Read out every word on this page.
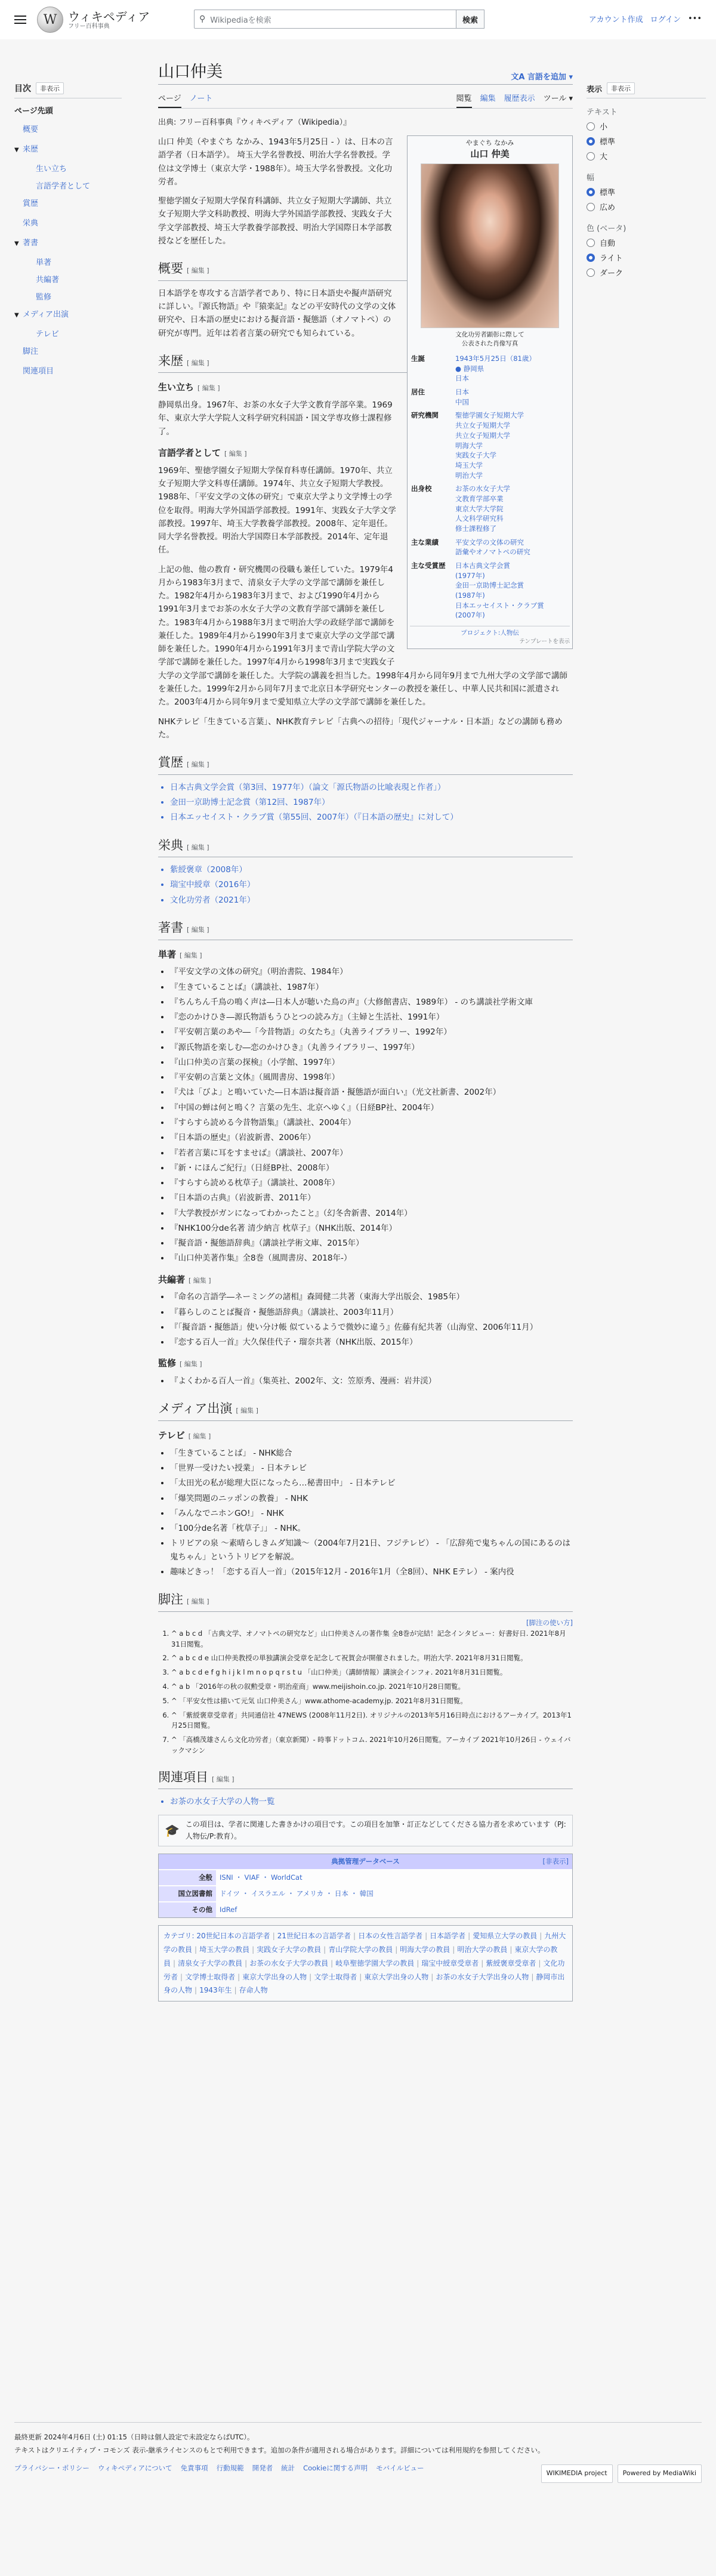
W ウィキペディア
フリー百科事典
⚲ Wikipediaを検索	検索	アカウント作成 ログイン •••
目次	非表示
ページ先頭
概要
▼ 来歴
生い立ち
言語学者として
賞歴
栄典
▼ 著書
単著
共編著
監修
▼ メディア出演
テレビ
脚注
関連項目
表示	非表示
テキスト
小
標準
大
幅
標準
広め
色 (ベータ)
自動
ライト
ダーク
山口仲美	文A 言語を追加 ▾
ページ ノート	閲覧 編集 履歴表示 ツール ▾
出典: フリー百科事典『ウィキペディア（Wikipedia）』
やまぐち なかみ
山口 仲美
文化功労者顕彰に際して
公表された肖像写真
生誕	1943年5月25日（81歳）
● 静岡県
日本
居住	日本
中国
研究機関	聖徳学園女子短期大学
共立女子短期大学
共立女子短期大学
明海大学
実践女子大学
埼玉大学
明治大学
出身校	お茶の水女子大学
文教育学部卒業
東京大学大学院
人文科学研究科
修士課程修了
主な業績	平安文学の文体の研究
語彙やオノマトペの研究
主な受賞歴	日本古典文学会賞
(1977年)
金田一京助博士記念賞
(1987年)
日本エッセイスト・クラブ賞
(2007年)
プロジェクト:人物伝
テンプレートを表示

山口 仲美（やまぐち なかみ、1943年5月25日 - ）は、日本の言語学者（日本語学）。 埼玉大学名誉教授、明治大学名誉教授。学位は文学博士（東京大学・1988年）。埼玉大学名誉教授。文化功労者。

聖徳学園女子短期大学保育科講師、共立女子短期大学講師、共立女子短期大学文科助教授、明海大学外国語学部教授、実践女子大学文学部教授、埼玉大学教養学部教授、明治大学国際日本学部教授などを歴任した。

概要 [ 編集 ]

日本語学を専攻する言語学者であり、特に日本語史や擬声語研究に詳しい。『源氏物語』や『猿楽記』などの平安時代の文学の文体研究や、日本語の歴史における擬音語・擬態語（オノマトペ）の研究が専門。近年は若者言葉の研究でも知られている。

来歴 [ 編集 ]
生い立ち [ 編集 ]

静岡県出身。1967年、お茶の水女子大学文教育学部卒業。1969年、東京大学大学院人文科学研究科国語・国文学専攻修士課程修了。

言語学者として [ 編集 ]

1969年、聖徳学園女子短期大学保育科専任講師。1970年、共立女子短期大学文科専任講師。1974年、共立女子短期大学教授。1988年、「平安文学の文体の研究」で東京大学より文学博士の学位を取得。明海大学外国語学部教授。1991年、実践女子大学文学部教授。1997年、埼玉大学教養学部教授。2008年、定年退任。同大学名誉教授。明治大学国際日本学部教授。2014年、定年退任。

上記の他、他の教育・研究機関の役職も兼任していた。1979年4月から1983年3月まで、清泉女子大学の文学部で講師を兼任した。1982年4月から1983年3月まで、および1990年4月から1991年3月までお茶の水女子大学の文教育学部で講師を兼任した。1983年4月から1988年3月まで明治大学の政経学部で講師を兼任した。1989年4月から1990年3月まで東京大学の文学部で講師を兼任した。1990年4月から1991年3月まで青山学院大学の文学部で講師を兼任した。1997年4月から1998年3月まで実践女子大学の文学部で講師を兼任した。大学院の講義を担当した。1998年4月から同年9月まで九州大学の文学部で講師を兼任した。1999年2月から同年7月まで北京日本学研究センターの教授を兼任し、中華人民共和国に派遣された。2003年4月から同年9月まで愛知県立大学の文学部で講師を兼任した。

NHKテレビ「生きている言葉」、NHK教育テレビ「古典への招待」「現代ジャーナル・日本語」などの講師も務めた。

賞歴 [ 編集 ]
• 日本古典文学会賞（第3回、1977年）（論文「源氏物語の比喩表現と作者」）
• 金田一京助博士記念賞（第12回、1987年）
• 日本エッセイスト・クラブ賞（第55回、2007年）（『日本語の歴史』に対して）
栄典 [ 編集 ]
• 紫綬褒章（2008年）
• 瑞宝中綬章（2016年）
• 文化功労者（2021年）
著書 [ 編集 ]
単著 [ 編集 ]
• 『平安文学の文体の研究』（明治書院、1984年）
• 『生きていることば』（講談社、1987年）
• 『ちんちん千鳥の鳴く声は―日本人が聴いた鳥の声』（大修館書店、1989年） - のち講談社学術文庫
• 『恋のかけひき―源氏物語もうひとつの読み方』（主婦と生活社、1991年）
• 『平安朝言葉のあや―「今昔物語」の女たち』（丸善ライブラリー、1992年）
• 『源氏物語を楽しむ―恋のかけひき』（丸善ライブラリー、1997年）
• 『山口仲美の言葉の探検』（小学館、1997年）
• 『平安朝の言葉と文体』（風間書房、1998年）
• 『犬は「びよ」と鳴いていた―日本語は擬音語・擬態語が面白い』（光文社新書、2002年）
• 『中国の蝉は何と鳴く？言葉の先生、北京へゆく』（日経BP社、2004年）
• 『すらすら読める今昔物語集』（講談社、2004年）
• 『日本語の歴史』（岩波新書、2006年）
• 『若者言葉に耳をすませば』（講談社、2007年）
• 『新・にほんご紀行』（日経BP社、2008年）
• 『すらすら読める枕草子』（講談社、2008年）
• 『日本語の古典』（岩波新書、2011年）
• 『大学教授がガンになってわかったこと』（幻冬舎新書、2014年）
• 『NHK100分de名著 清少納言 枕草子』（NHK出版、2014年）
• 『擬音語・擬態語辞典』（講談社学術文庫、2015年）
• 『山口仲美著作集』全8巻（風間書房、2018年-）
共編著 [ 編集 ]
• 『命名の言語学―ネーミングの諸相』森岡健二共著（東海大学出版会、1985年）
• 『暮らしのことば擬音・擬態語辞典』（講談社、2003年11月）
• 『「擬音語・擬態語」使い分け帳 似ているようで微妙に違う』佐藤有紀共著（山海堂、2006年11月）
• 『恋する百人一首』大久保佳代子・瑠奈共著（NHK出版、2015年）
監修 [ 編集 ]
• 『よくわかる百人一首』（集英社、2002年、文：笠原秀、漫画：岩井渓）
メディア出演 [ 編集 ]
テレビ [ 編集 ]
• 「生きていることば」 - NHK総合
• 「世界一受けたい授業」 - 日本テレビ
• 「太田光の私が総理大臣になったら…秘書田中」 - 日本テレビ
• 「爆笑問題のニッポンの教養」 - NHK
• 「みんなでニホンGO!」 - NHK
• 「100分de名著「枕草子」」 - NHK。
• トリビアの泉 〜素晴らしきムダ知識〜（2004年7月21日、フジテレビ） - 「広辞苑で鬼ちゃんの国にあるのは鬼ちゃん」というトリビアを解説。
• 趣味どきっ！「恋する百人一首」（2015年12月 - 2016年1月（全8回）、NHK Eテレ） - 案内役
脚注 [ 編集 ]
[脚注の使い方]
1. ^ a b c d 「古典文学、オノマトペの研究など」山口仲美さんの著作集 全8巻が完結！記念インタビュー：好書好日. 2021年8月31日閲覧。
2. ^ a b c d e 山口仲美教授の単独講演会受章を記念して祝賀会が開催されました。明治大学. 2021年8月31日閲覧。
3. ^ a b c d e f g h i j k l m n o p q r s t u 「山口仲美」（講師情報）講演会インフォ. 2021年8月31日閲覧。
4. ^ a b 「2016年の秋の叙勲受章・明治産商」www.meijishoin.co.jp. 2021年10月28日閲覧。
5. ^ 「平安女性は描いて元気 山口仲美さん」www.athome-academy.jp. 2021年8月31日閲覧。
6. ^ 「紫綬褒章受章者」共同通信社 47NEWS (2008年11月2日). オリジナルの2013年5月16日時点におけるアーカイブ。2013年1月25日閲覧。
7. ^ 「高橋茂雄さんら文化功労者」（東京新聞）- 時事ドットコム. 2021年10月26日閲覧。アーカイブ 2021年10月26日 - ウェイバックマシン
関連項目 [ 編集 ]
• お茶の水女子大学の人物一覧
🎓 この項目は、学者に関連した書きかけの項目です。この項目を加筆・訂正などしてくださる協力者を求めています（PJ:人物伝/P:教育）。
典拠管理データベース	[非表示]
全般	ISNI ・ VIAF ・ WorldCat
国立図書館	ドイツ ・ イスラエル ・ アメリカ ・ 日本 ・ 韓国
その他	IdRef
カテゴリ: 20世紀日本の言語学者 | 21世紀日本の言語学者 | 日本の女性言語学者 | 日本語学者 | 愛知県立大学の教員 | 九州大学の教員 | 埼玉大学の教員 | 実践女子大学の教員 | 青山学院大学の教員 | 明海大学の教員 | 明治大学の教員 | 東京大学の教員 | 清泉女子大学の教員 | お茶の水女子大学の教員 | 岐阜聖徳学園大学の教員 | 瑞宝中綬章受章者 | 紫綬褒章受章者 | 文化功労者 | 文学博士取得者 | 東京大学出身の人物 | 文学士取得者 | 東京大学出身の人物 | お茶の水女子大学出身の人物 | 静岡市出身の人物 | 1943年生 | 存命人物
最終更新 2024年4月6日 (土) 01:15（日時は個人設定で未設定ならばUTC）。
テキストはクリエイティブ・コモンズ 表示-継承ライセンスのもとで利用できます。追加の条件が適用される場合があります。詳細については利用規約を参照してください。
プライバシー・ポリシー ウィキペディアについて 免責事項 行動規範 開発者 統計 Cookieに関する声明 モバイルビュー
WIKIMEDIA project	Powered by MediaWiki
